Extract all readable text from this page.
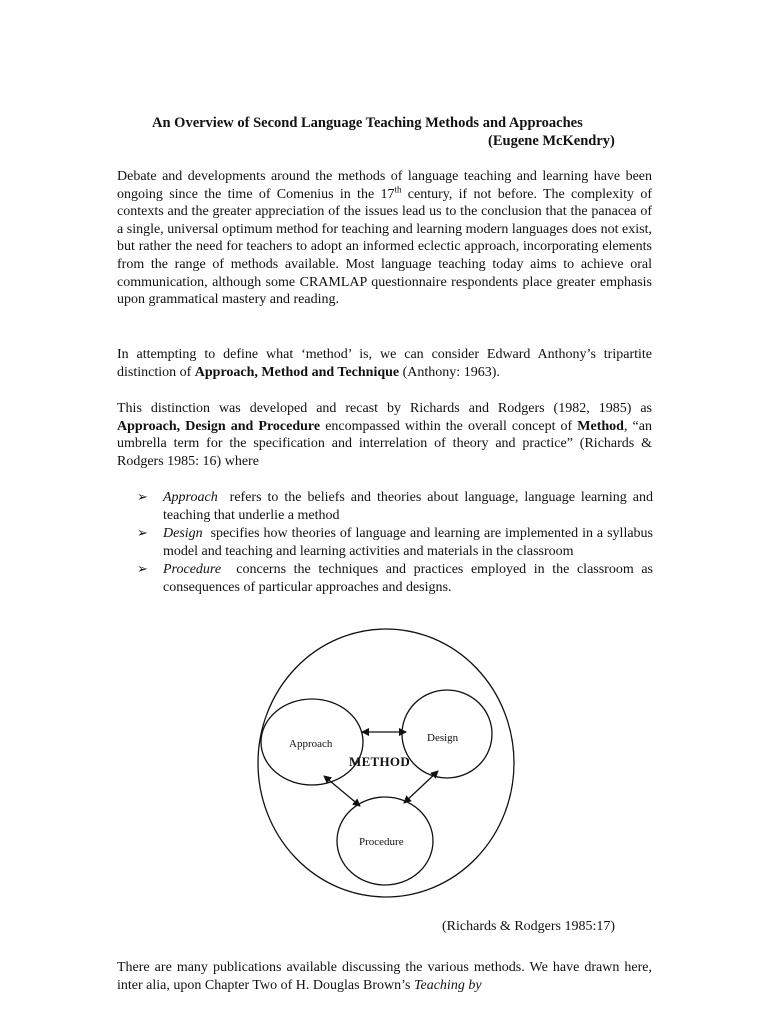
An Overview of Second Language Teaching Methods and Approaches
(Eugene McKendry)

Debate and developments around the methods of language teaching and learning have been ongoing since the time of Comenius in the 17th century, if not before. The complexity of contexts and the greater appreciation of the issues lead us to the conclusion that the panacea of a single, universal optimum method for teaching and learning modern languages does not exist, but rather the need for teachers to adopt an informed eclectic approach, incorporating elements from the range of methods available. Most language teaching today aims to achieve oral communication, although some CRAMLAP questionnaire respondents place greater emphasis upon grammatical mastery and reading.

In attempting to define what ‘method’ is, we can consider Edward Anthony’s tripartite distinction of Approach, Method and Technique (Anthony: 1963).

This distinction was developed and recast by Richards and Rodgers (1982, 1985) as Approach, Design and Procedure encompassed within the overall concept of Method, “an umbrella term for the specification and interrelation of theory and practice” (Richards & Rodgers 1985: 16) where

➢ Approach  refers to the beliefs and theories about language, language learning and teaching that underlie a method
➢ Design  specifies how theories of language and learning are implemented in a syllabus model and teaching and learning activities and materials in the classroom
➢ Procedure  concerns the techniques and practices employed in the classroom as consequences of particular approaches and designs.
Approach	Design
Procedure
METHOD
(Richards & Rodgers 1985:17)

There are many publications available discussing the various methods. We have drawn here, inter alia, upon Chapter Two of H. Douglas Brown’s Teaching by
